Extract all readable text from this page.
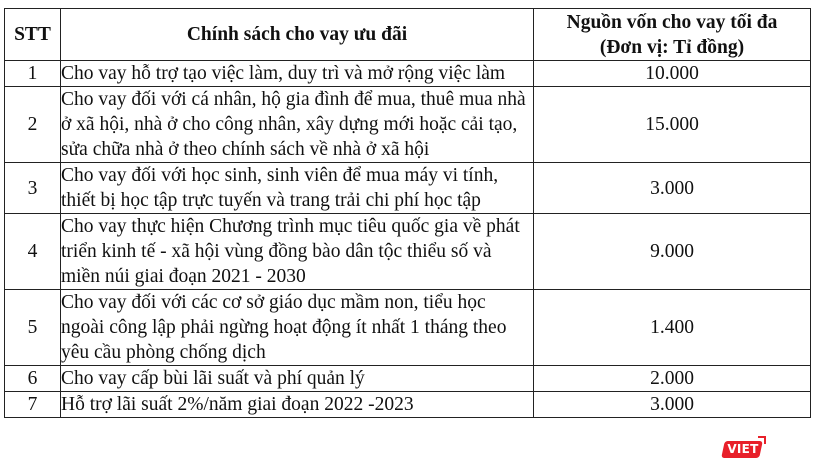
STT	Chính sách cho vay ưu đãi	Nguồn vốn cho vay tối đa
(Đơn vị: Tỉ đồng)

1	Cho vay hỗ trợ tạo việc làm, duy trì và mở rộng việc làm	10.000
2	Cho vay đối với cá nhân, hộ gia đình để mua, thuê mua nhà ở xã hội, nhà ở cho công nhân, xây dựng mới hoặc cải tạo, sửa chữa nhà ở theo chính sách về nhà ở xã hội	15.000
3	Cho vay đối với học sinh, sinh viên để mua máy vi tính, thiết bị học tập trực tuyến và trang trải chi phí học tập	3.000
4	Cho vay thực hiện Chương trình mục tiêu quốc gia về phát triển kinh tế - xã hội vùng đồng bào dân tộc thiểu số và miền núi giai đoạn 2021 - 2030	9.000
5	Cho vay đối với các cơ sở giáo dục mầm non, tiểu học ngoài công lập phải ngừng hoạt động ít nhất 1 tháng theo yêu cầu phòng chống dịch	1.400
6	Cho vay cấp bùi lãi suất và phí quản lý	2.000
7	Hỗ trợ lãi suất 2%/năm giai đoạn 2022 -2023	3.000
VIET
